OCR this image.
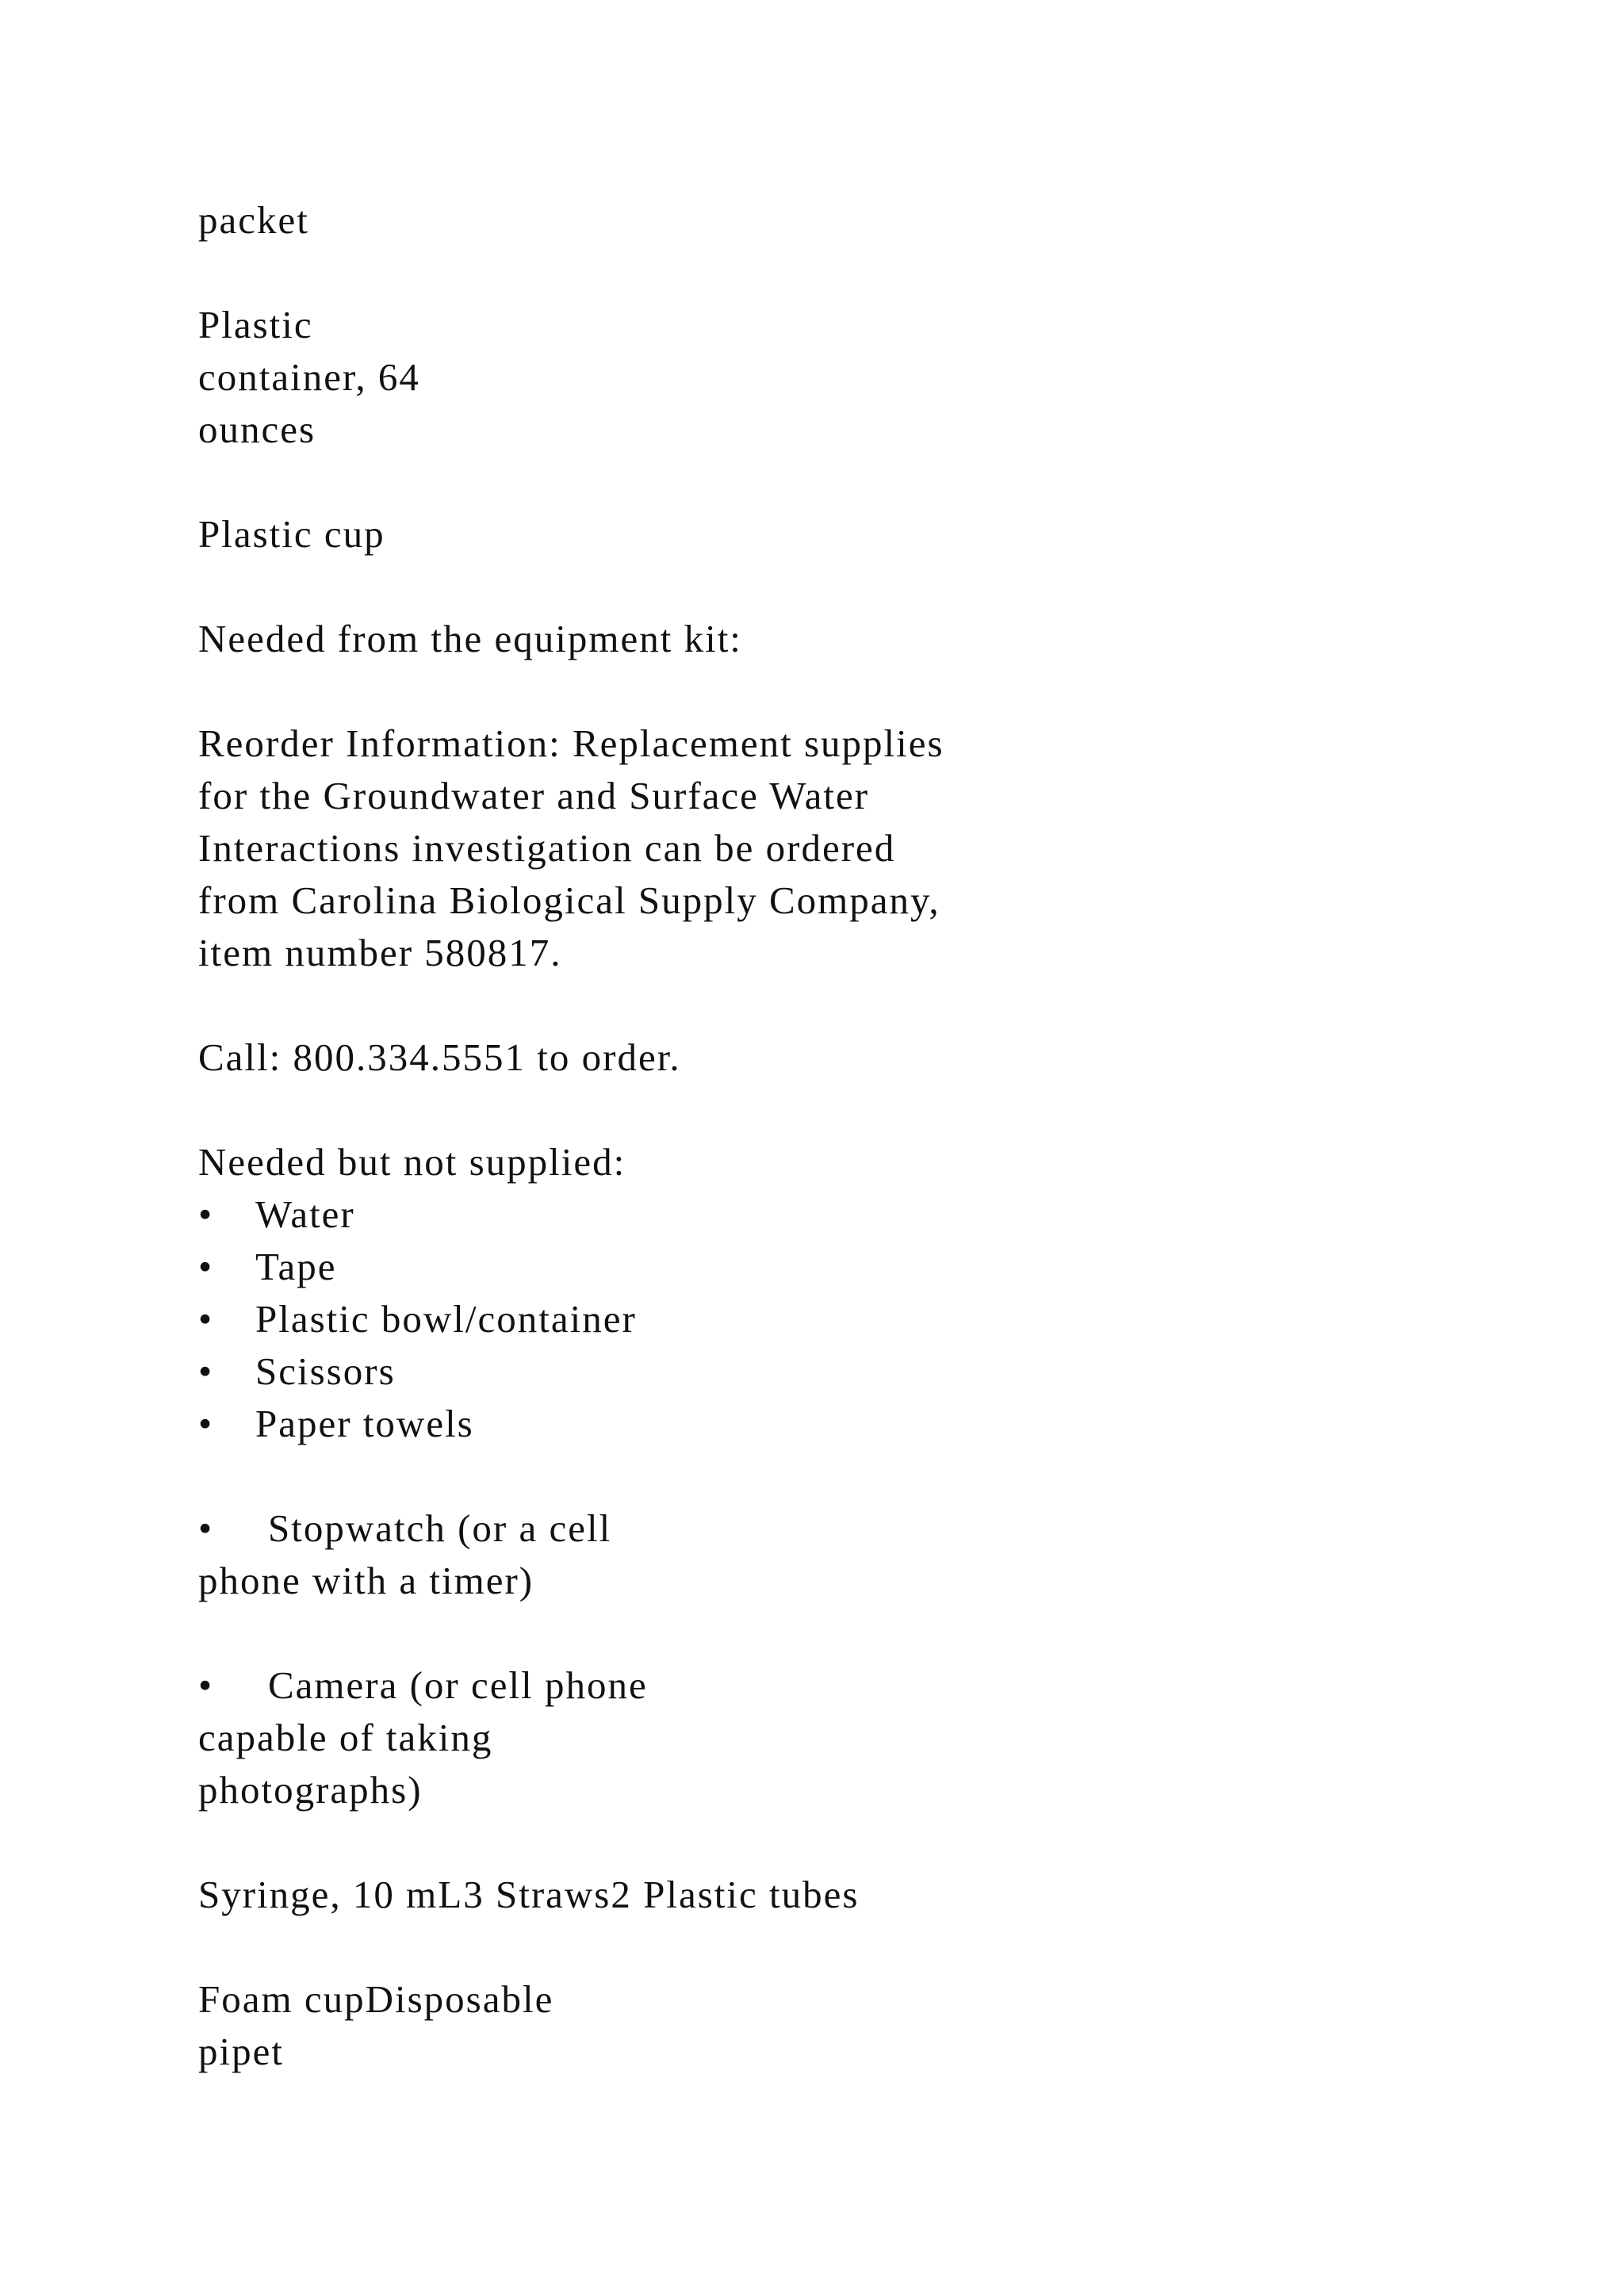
packet
Plastic
container, 64
ounces
Plastic cup
Needed from the equipment kit:
Reorder Information: Replacement supplies
for the Groundwater and Surface Water
Interactions investigation can be ordered
from Carolina Biological Supply Company,
item number 580817.
Call: 800.334.5551 to order.
Needed but not supplied:
• Water
• Tape
• Plastic bowl/container
• Scissors
• Paper towels
• Stopwatch (or a cell
phone with a timer)
• Camera (or cell phone
capable of taking
photographs)
Syringe, 10 mL3 Straws2 Plastic tubes
Foam cupDisposable
pipet
